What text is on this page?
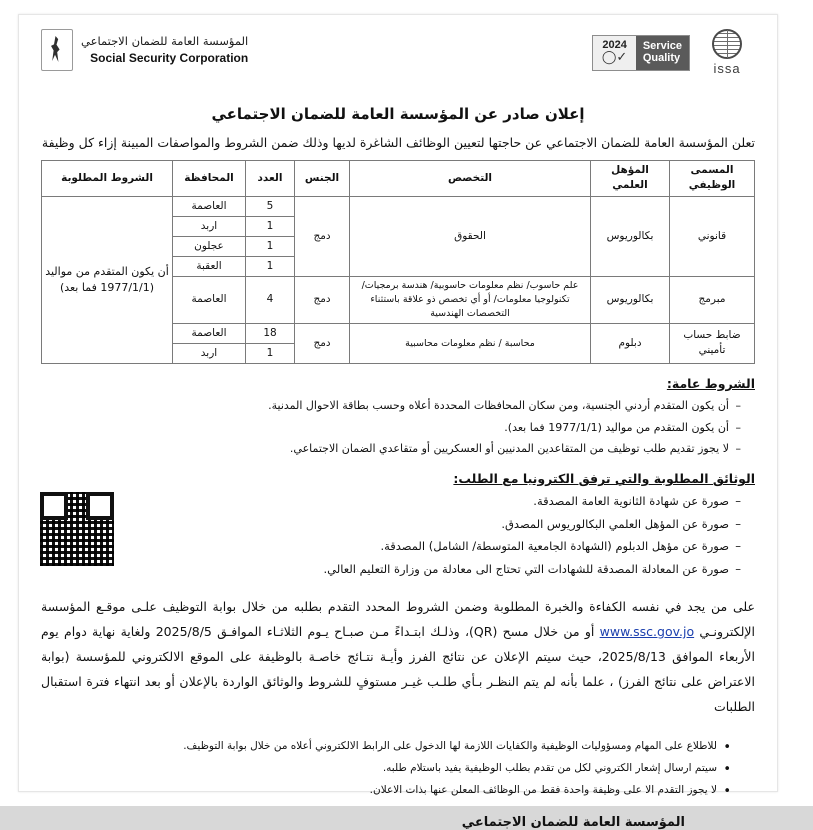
المؤسسة العامة للضمان الاجتماعي
Social Security Corporation
issa
Service
Quality
2024
✓◯
إعلان صادر عن المؤسسة العامة للضمان الاجتماعي
تعلن المؤسسة العامة للضمان الاجتماعي عن حاجتها لتعيين الوظائف الشاغرة لديها وذلك ضمن الشروط والمواصفات المبينة إزاء كل وظيفة
المسمى الوظيفي	المؤهل العلمي	التخصص	الجنس	العدد	المحافظة	الشروط المطلوبة
قانوني	بكالوريوس	الحقوق	دمج	5	العاصمة	أن يكون المتقدم من مواليد (1977/1/1 فما بعد)
				1	اربد	
				1	عجلون	
				1	العقبة	
مبرمج	بكالوريوس	علم حاسوب/ نظم معلومات حاسوبية/ هندسة برمجيات/ تكنولوجيا معلومات/ أو أي تخصص ذو علاقة باستثناء التخصصات الهندسية	دمج	4	العاصمة	
ضابط حساب تأميني	دبلوم	محاسبة / نظم معلومات محاسبية	دمج	18	العاصمة	
				1	اربد	
الشروط عامة:
– أن يكون المتقدم أردني الجنسية، ومن سكان المحافظات المحددة أعلاه وحسب بطاقة الاحوال المدنية.
– أن يكون المتقدم من مواليد (1977/1/1 فما بعد).
– لا يجوز تقديم طلب توظيف من المتقاعدين المدنيين أو العسكريين أو متقاعدي الضمان الاجتماعي.
الوثائق المطلوبة والتي ترفق الكترونيا مع الطلب:
– صورة عن شهادة الثانوية العامة المصدقة.
– صورة عن المؤهل العلمي البكالوريوس المصدق.
– صورة عن مؤهل الدبلوم (الشهادة الجامعية المتوسطة/ الشامل) المصدقة.
– صورة عن المعادلة المصدقة للشهادات التي تحتاج الى معادلة من وزارة التعليم العالي.
على من يجد في نفسه الكفاءة والخبرة المطلوبة وضمن الشروط المحدد التقدم بطلبه من خلال بوابة التوظيف علـى موقـع المؤسسة الإلكترونـي www.ssc.gov.jo أو من خلال مسح (QR)، وذلـك ابتـداءً مـن صبـاح يـوم الثلاثـاء الموافـق 2025/8/5 ولغاية نهاية دوام يوم الأربعاء الموافق 2025/8/13، حيث سيتم الإعلان عن نتائج الفرز وأيـة نتـائج خاصـة بالوظيفة على الموقع الالكتروني للمؤسسة (بوابة الاعتراض على نتائج الفرز) ، علما بأنه لم يتم النظـر بـأي طلـب غيـر مستوفٍ للشروط والوثائق الواردة بالإعلان أو بعد انتهاء فترة استقبال الطلبات
• للاطلاع على المهام ومسؤوليات الوظيفية والكفايات اللازمة لها الدخول على الرابط الالكتروني أعلاه من خلال بوابة التوظيف.
• سيتم ارسال إشعار الكتروني لكل من تقدم بطلب الوظيفية يفيد باستلام طلبه.
• لا يجوز التقدم الا على وظيفة واحدة فقط من الوظائف المعلن عنها بذات الاعلان.
المؤسسة العامة للضمان الاجتماعي
